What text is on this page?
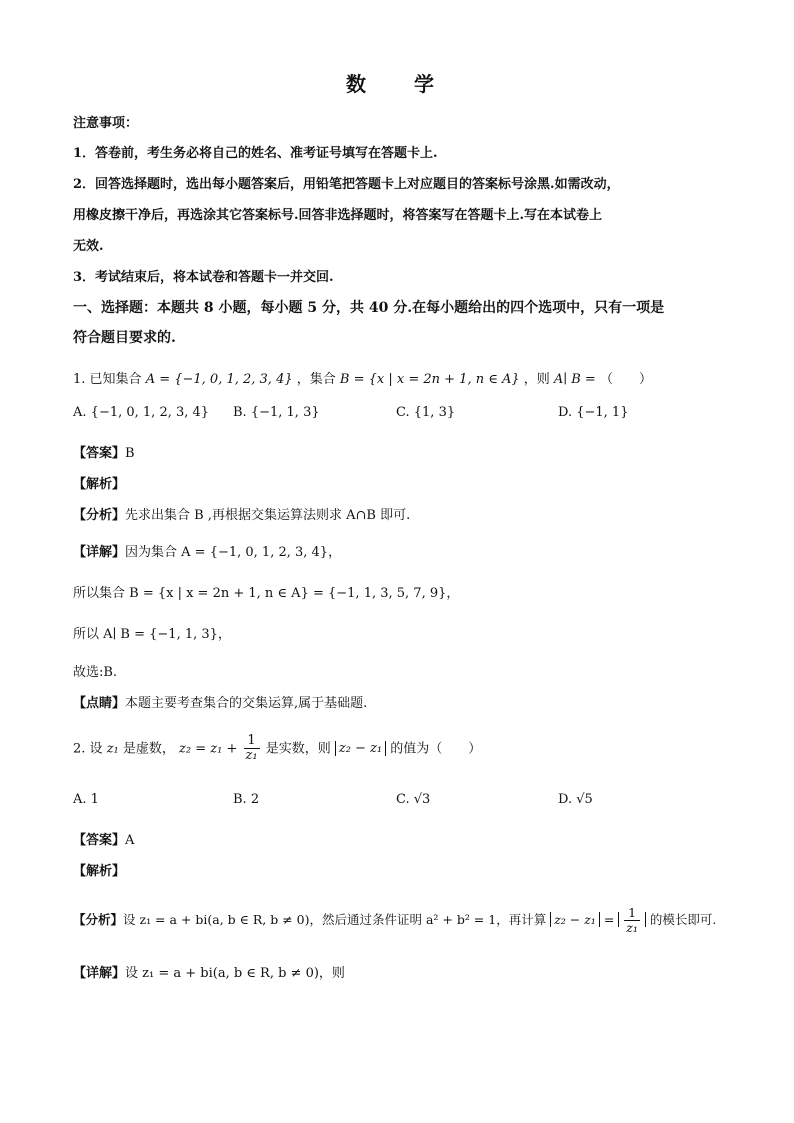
数　学
注意事项：
1．答卷前，考生务必将自己的姓名、准考证号填写在答题卡上.
2．回答选择题时，选出每小题答案后，用铅笔把答题卡上对应题目的答案标号涂黑.如需改动，
用橡皮擦干净后，再选涂其它答案标号.回答非选择题时，将答案写在答题卡上.写在本试卷上
无效.
3．考试结束后，将本试卷和答题卡一并交回.
一、选择题：本题共 8 小题，每小题 5 分，共 40 分.在每小题给出的四个选项中，只有一项是
符合题目要求的.
1. 已知集合 A = {−1, 0, 1, 2, 3, 4} ，集合 B = {x | x = 2n + 1, n ∈ A} ，则 A∣ B = （　　）
A. {−1, 0, 1, 2, 3, 4} B. {−1, 1, 3}	C. {1, 3}	D. {−1, 1}
【答案】B
【解析】
【分析】先求出集合 B ,再根据交集运算法则求 A∩B 即可.
【详解】因为集合 A = {−1, 0, 1, 2, 3, 4}，
所以集合 B = {x | x = 2n + 1, n ∈ A} = {−1, 1, 3, 5, 7, 9}，
所以 A∣ B = {−1, 1, 3}，
故选:B.
【点睛】本题主要考查集合的交集运算,属于基础题.
2. 设 z₁ 是虚数， $z_2 = z_1 + \frac{1}{\text{z₁}}$ 是实数，则 z₂ − z₁ 的值为（　　）
A. 1	B. 2	C. √3	D. √5
【答案】A
【解析】
【分析】设 z₁ = a + bi(a, b ∈ R, b ≠ 0)，然后通过条件证明 a² + b² = 1，再计算 $z_2 - z_1 = \frac{1}{\text{z₁}}$ 的模长即可.
【详解】设 z₁ = a + bi(a, b ∈ R, b ≠ 0)，则
